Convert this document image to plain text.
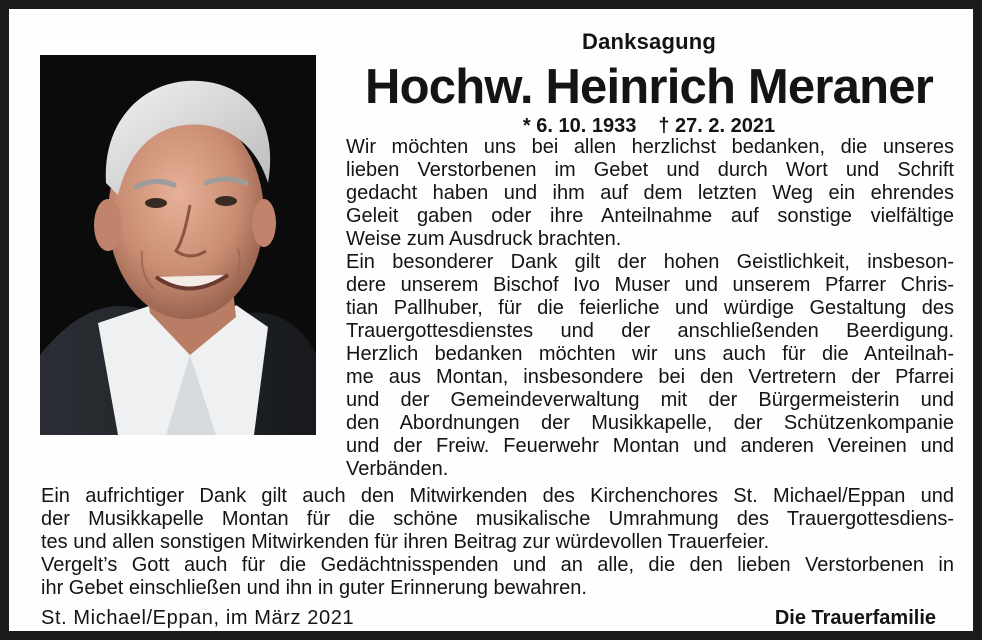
Danksagung
Hochw. Heinrich Meraner
* 6. 10. 1933 † 27. 2. 2021
Wir möchten uns bei allen herzlichst bedanken, die unseres
lieben Verstorbenen im Gebet und durch Wort und Schrift
gedacht haben und ihm auf dem letzten Weg ein ehrendes
Geleit gaben oder ihre Anteilnahme auf sonstige vielfältige
Weise zum Ausdruck brachten.
Ein besonderer Dank gilt der hohen Geistlichkeit, insbeson-
dere unserem Bischof Ivo Muser und unserem Pfarrer Chris-
tian Pallhuber, für die feierliche und würdige Gestaltung des
Trauergottesdienstes und der anschließenden Beerdigung.
Herzlich bedanken möchten wir uns auch für die Anteilnah-
me aus Montan, insbesondere bei den Vertretern der Pfarrei
und der Gemeindeverwaltung mit der Bürgermeisterin und
den Abordnungen der Musikkapelle, der Schützenkompanie
und der Freiw. Feuerwehr Montan und anderen Vereinen und
Verbänden.
Ein aufrichtiger Dank gilt auch den Mitwirkenden des Kirchenchores St. Michael/Eppan und
der Musikkapelle Montan für die schöne musikalische Umrahmung des Trauergottesdiens-
tes und allen sonstigen Mitwirkenden für ihren Beitrag zur würdevollen Trauerfeier.
Vergelt’s Gott auch für die Gedächtnisspenden und an alle, die den lieben Verstorbenen in
ihr Gebet einschließen und ihn in guter Erinnerung bewahren.
St. Michael/Eppan, im März 2021	Die Trauerfamilie
